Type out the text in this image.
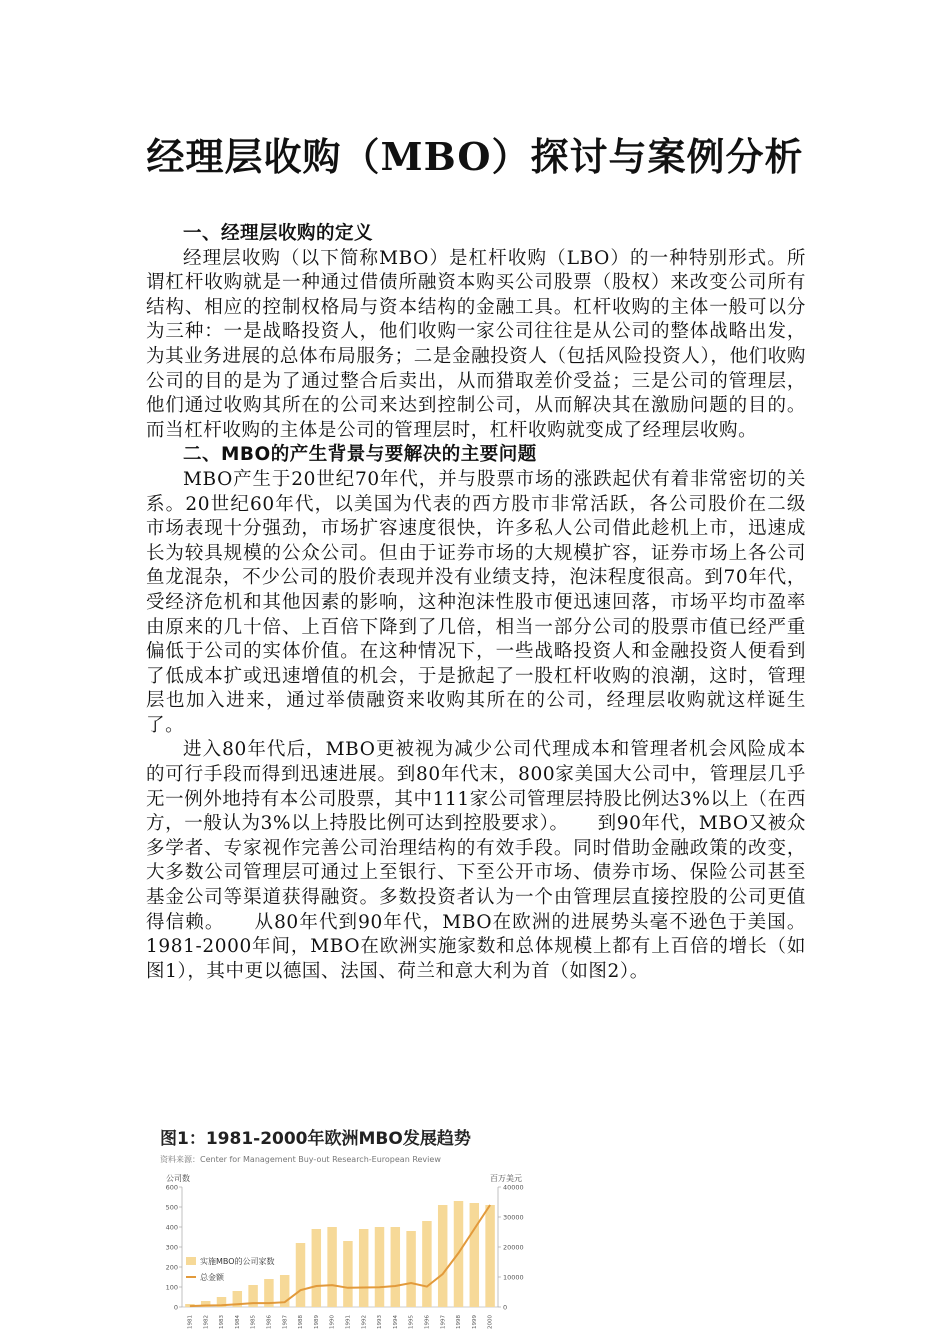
经理层收购（MBO）探讨与案例分析
一、经理层收购的定义

经理层收购（以下简称MBO）是杠杆收购（LBO）的一种特别形式。所谓杠杆收购就是一种通过借债所融资本购买公司股票（股权）来改变公司所有结构、相应的控制权格局与资本结构的金融工具。杠杆收购的主体一般可以分为三种：一是战略投资人，他们收购一家公司往往是从公司的整体战略出发，为其业务进展的总体布局服务；二是金融投资人（包括风险投资人），他们收购公司的目的是为了通过整合后卖出，从而猎取差价受益；三是公司的管理层，他们通过收购其所在的公司来达到控制公司，从而解决其在激励问题的目的。而当杠杆收购的主体是公司的管理层时，杠杆收购就变成了经理层收购。

二、MBO的产生背景与要解决的主要问题

MBO产生于20世纪70年代，并与股票市场的涨跌起伏有着非常密切的关系。20世纪60年代，以美国为代表的西方股市非常活跃，各公司股价在二级市场表现十分强劲，市场扩容速度很快，许多私人公司借此趁机上市，迅速成长为较具规模的公众公司。但由于证券市场的大规模扩容，证券市场上各公司鱼龙混杂，不少公司的股价表现并没有业绩支持，泡沫程度很高。到70年代，受经济危机和其他因素的影响，这种泡沫性股市便迅速回落，市场平均市盈率由原来的几十倍、上百倍下降到了几倍，相当一部分公司的股票市值已经严重偏低于公司的实体价值。在这种情况下，一些战略投资人和金融投资人便看到了低成本扩或迅速增值的机会，于是掀起了一股杠杆收购的浪潮，这时，管理层也加入进来，通过举债融资来收购其所在的公司，经理层收购就这样诞生了。

进入80年代后，MBO更被视为减少公司代理成本和管理者机会风险成本的可行手段而得到迅速进展。到80年代末，800家美国大公司中，管理层几乎无一例外地持有本公司股票，其中111家公司管理层持股比例达3%以上（在西方，一般认为3%以上持股比例可达到控股要求）。　　到90年代，MBO又被众多学者、专家视作完善公司治理结构的有效手段。同时借助金融政策的改变，大多数公司管理层可通过上至银行、下至公开市场、债券市场、保险公司甚至基金公司等渠道获得融资。多数投资者认为一个由管理层直接控股的公司更值得信赖。　　从80年代到90年代，MBO在欧洲的进展势头毫不逊色于美国。1981-2000年间，MBO在欧洲实施家数和总体规模上都有上百倍的增长（如图1），其中更以德国、法国、荷兰和意大利为首（如图2）。

图1：1981-2000年欧洲MBO发展趋势
资料来源：Center for Management Buy-out Research-European Review
公司数	百万美元
0
100
200
300
400
500
600
0
10000
20000
30000
40000
1981 1982 1983 1984 1985 1986 1987 1988 1989 1990 1991 1992 1993 1994 1995 1996 1997 1998 1999 2000
实施MBO的公司家数
总金额
